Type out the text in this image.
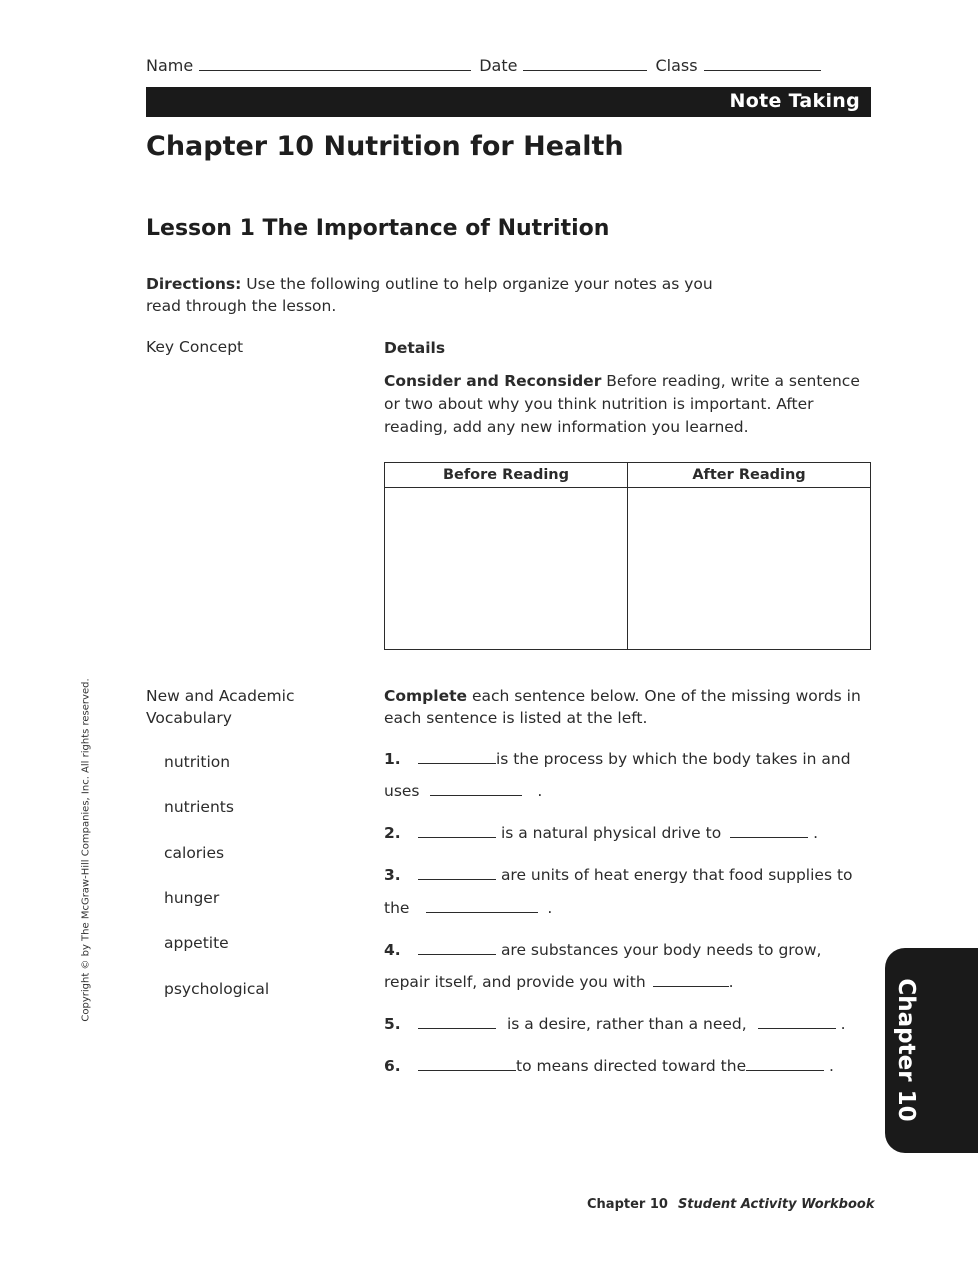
Name	Date	Class
Note Taking
Chapter 10 Nutrition for Health
Lesson 1 The Importance of Nutrition
Directions: Use the following outline to help organize your notes as you read through the lesson.
Key Concept	Details
Consider and Reconsider Before reading, write a sentence or two about why you think nutrition is important. After reading, add any new information you learned.
Before Reading	After Reading

New and Academic Vocabulary
nutrition
nutrients
calories
hunger
appetite
psychological
Complete each sentence below. One of the missing words in each sentence is listed at the left.
1.	is the process by which the body takes in and
uses	.
2.	is a natural physical drive to	.
3.	are units of heat energy that food supplies to
the	.
4.	are substances your body needs to grow,
repair itself, and provide you with	.
5.	is a desire, rather than a need,	.
6.	to means directed toward the	.
Copyright © by The McGraw-Hill Companies, Inc. All rights reserved.
Chapter 10
Chapter 10 Student Activity Workbook
